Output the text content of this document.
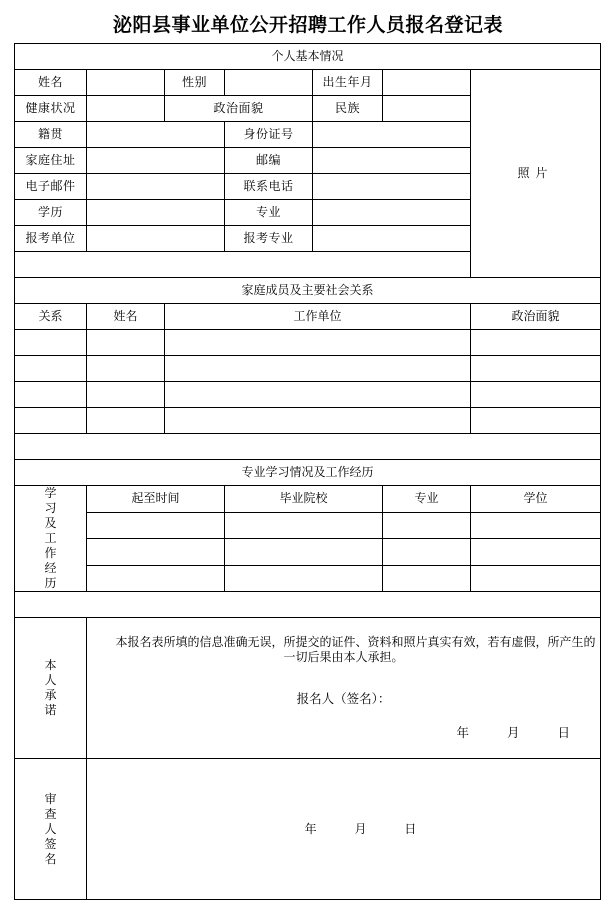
泌阳县事业单位公开招聘工作人员报名登记表
个人基本情况						
姓名		性别		出生年月		照片
健康状况		政治面貌		民族		
籍贯			身份证号			
家庭住址			邮编			
电子邮件			联系电话			
学历			专业			
报考单位			报考专业			

家庭成员及主要社会关系						
关系	姓名	工作单位				政治面貌

专业学习情况及工作经历						

学习及工作经历	起至时间		毕业院校		专业	学位

本人承诺	本报名表所填的信息准确无误，所提交的证件、资料和照片真实有效，若有虚假，所产生的一切后果由本人承担。
报名人（签名）：
年 月 日					

审查人签名	年 月 日					
